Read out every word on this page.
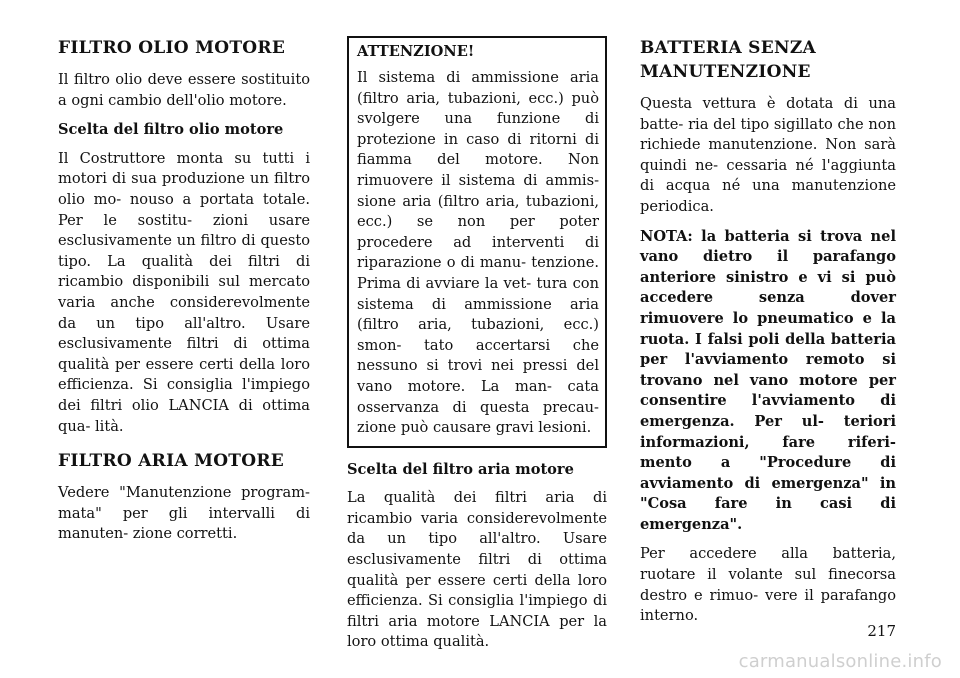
FILTRO OLIO MOTORE

Il filtro olio deve essere sostituito a ogni cambio dell'olio motore.

Scelta del filtro olio motore

Il Costruttore monta su tutti i motori di sua produzione un filtro olio mo- nouso a portata totale. Per le sostitu- zioni usare esclusivamente un filtro di questo tipo. La qualità dei filtri di ricambio disponibili sul mercato varia anche considerevolmente da un tipo all'altro. Usare esclusivamente filtri di ottima qualità per essere certi della loro efficienza. Si consiglia l'impiego dei filtri olio LANCIA di ottima qua- lità.

FILTRO ARIA MOTORE

Vedere "Manutenzione program- mata" per gli intervalli di manuten- zione corretti.

ATTENZIONE!

Il sistema di ammissione aria (filtro aria, tubazioni, ecc.) può svolgere una funzione di protezione in caso di ritorni di fiamma del motore. Non rimuovere il sistema di ammis- sione aria (filtro aria, tubazioni, ecc.) se non per poter procedere ad interventi di riparazione o di manu- tenzione. Prima di avviare la vet- tura con sistema di ammissione aria (filtro aria, tubazioni, ecc.) smon- tato accertarsi che nessuno si trovi nei pressi del vano motore. La man- cata osservanza di questa precau- zione può causare gravi lesioni.

Scelta del filtro aria motore

La qualità dei filtri aria di ricambio varia considerevolmente da un tipo all'altro. Usare esclusivamente filtri di ottima qualità per essere certi della loro efficienza. Si consiglia l'impiego di filtri aria motore LANCIA per la loro ottima qualità.

BATTERIA SENZA MANUTENZIONE

Questa vettura è dotata di una batte- ria del tipo sigillato che non richiede manutenzione. Non sarà quindi ne- cessaria né l'aggiunta di acqua né una manutenzione periodica.

NOTA: la batteria si trova nel vano dietro il parafango anteriore sinistro e vi si può accedere senza dover rimuovere lo pneumatico e la ruota. I falsi poli della batteria per l'avviamento remoto si trovano nel vano motore per consentire l'avviamento di emergenza. Per ul- teriori informazioni, fare riferi- mento a "Procedure di avviamento di emergenza" in "Cosa fare in casi di emergenza".

Per accedere alla batteria, ruotare il volante sul finecorsa destro e rimuo- vere il parafango interno.

217
carmanualsonline.info
